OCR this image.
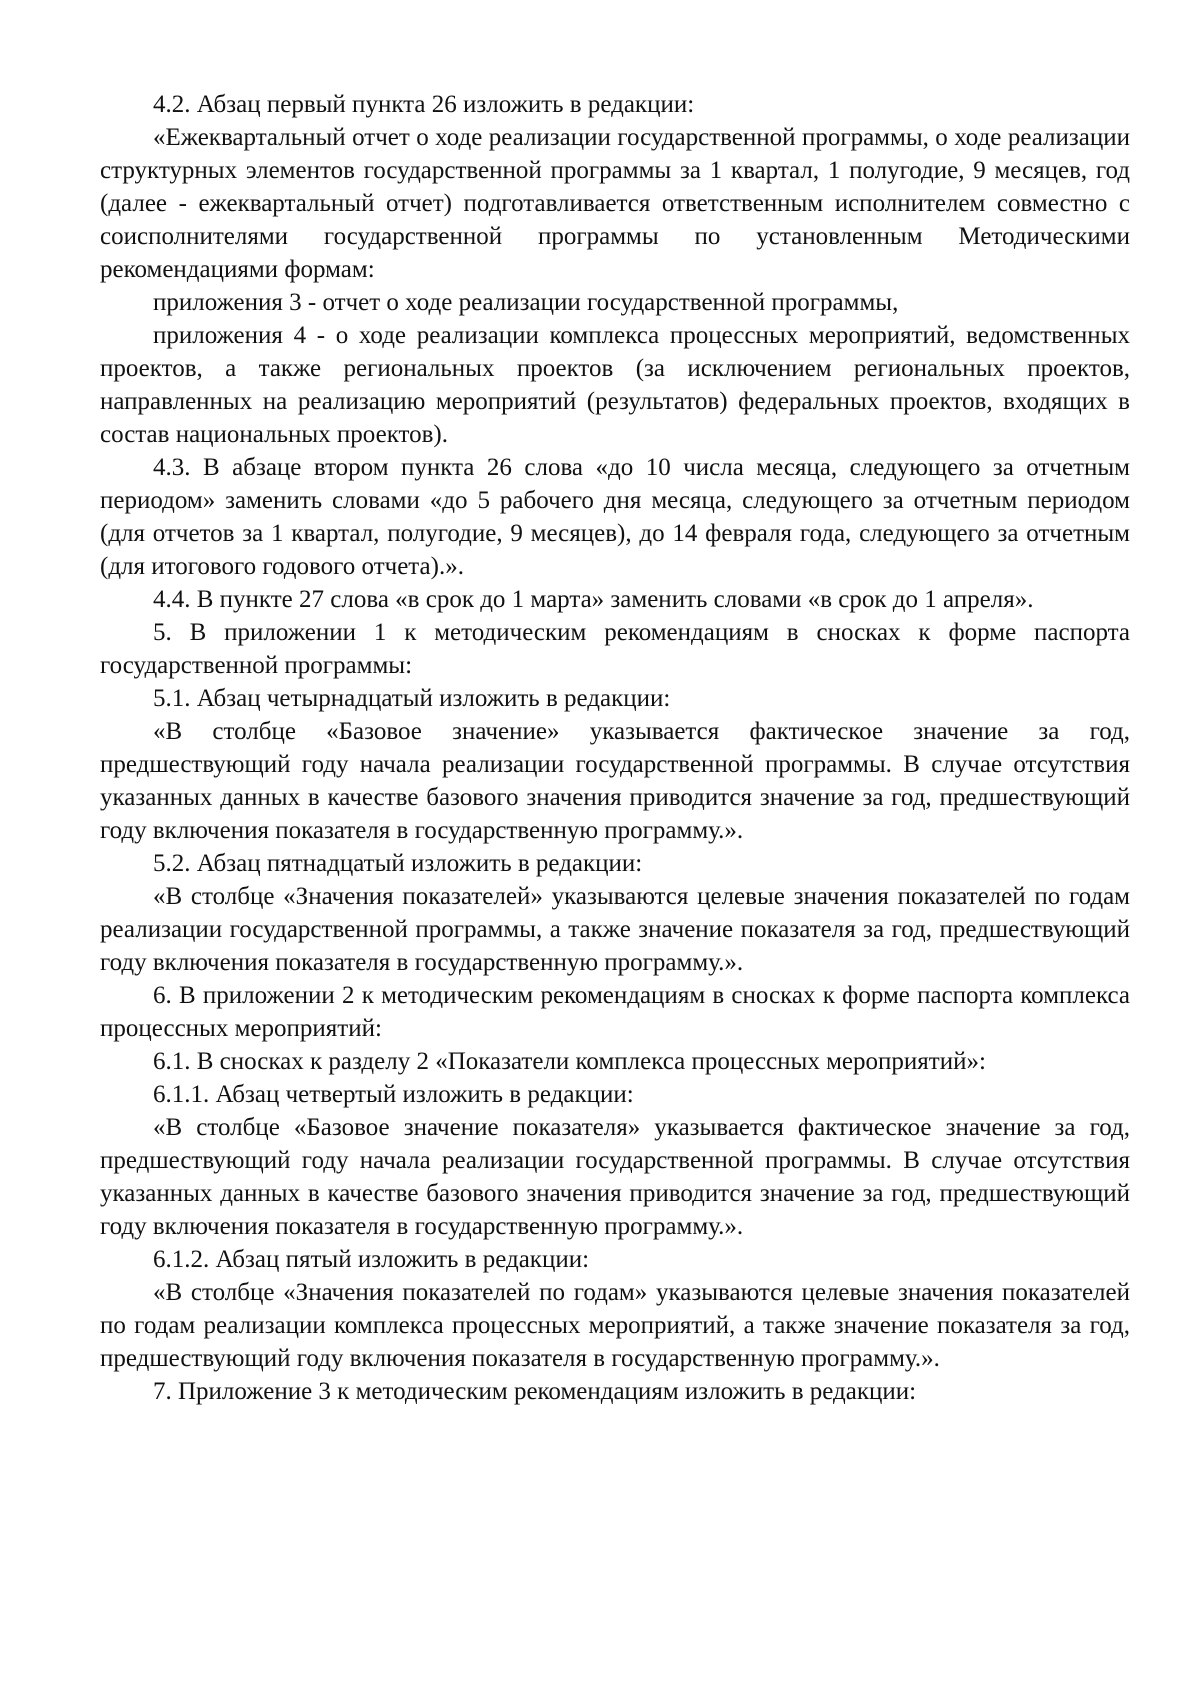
4.2. Абзац первый пункта 26 изложить в редакции:

«Ежеквартальный отчет о ходе реализации государственной программы, о ходе реализации структурных элементов государственной программы за 1 квартал, 1 полугодие, 9 месяцев, год (далее - ежеквартальный отчет) подготавливается ответственным исполнителем совместно с соисполнителями государственной программы по установленным Методическими рекомендациями формам:

приложения 3 - отчет о ходе реализации государственной программы,

приложения 4 - о ходе реализации комплекса процессных мероприятий, ведомственных проектов, а также региональных проектов (за исключением региональных проектов, направленных на реализацию мероприятий (результатов) федеральных проектов, входящих в состав национальных проектов).

4.3. В абзаце втором пункта 26 слова «до 10 числа месяца, следующего за отчетным периодом» заменить словами «до 5 рабочего дня месяца, следующего за отчетным периодом (для отчетов за 1 квартал, полугодие, 9 месяцев), до 14 февраля года, следующего за отчетным (для итогового годового отчета).».

4.4. В пункте 27 слова «в срок до 1 марта» заменить словами «в срок до 1 апреля».

5. В приложении 1 к методическим рекомендациям в сносках к форме паспорта государственной программы:

5.1. Абзац четырнадцатый изложить в редакции:

«В столбце «Базовое значение» указывается фактическое значение за год, предшествующий году начала реализации государственной программы. В случае отсутствия указанных данных в качестве базового значения приводится значение за год, предшествующий году включения показателя в государственную программу.».

5.2. Абзац пятнадцатый изложить в редакции:

«В столбце «Значения показателей» указываются целевые значения показателей по годам реализации государственной программы, а также значение показателя за год, предшествующий году включения показателя в государственную программу.».

6. В приложении 2 к методическим рекомендациям в сносках к форме паспорта комплекса процессных мероприятий:

6.1. В сносках к разделу 2 «Показатели комплекса процессных мероприятий»:

6.1.1. Абзац четвертый изложить в редакции:

«В столбце «Базовое значение показателя» указывается фактическое значение за год, предшествующий году начала реализации государственной программы. В случае отсутствия указанных данных в качестве базового значения приводится значение за год, предшествующий году включения показателя в государственную программу.».

6.1.2. Абзац пятый изложить в редакции:

«В столбце «Значения показателей по годам» указываются целевые значения показателей по годам реализации комплекса процессных мероприятий, а также значение показателя за год, предшествующий году включения показателя в государственную программу.».

7. Приложение 3 к методическим рекомендациям изложить в редакции:
